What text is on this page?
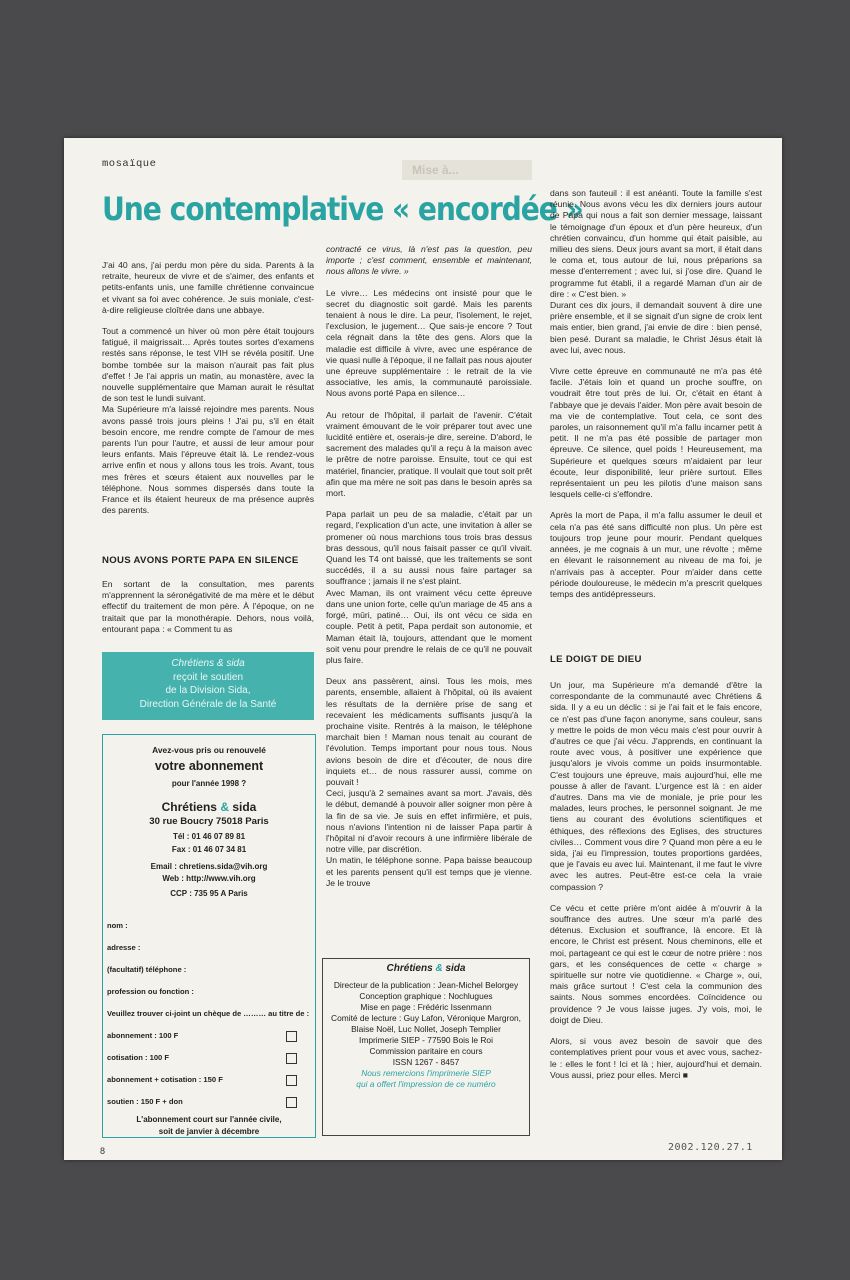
Mise à...
mosaïque
Une contemplative « encordée »

J'ai 40 ans, j'ai perdu mon père du sida. Parents à la retraite, heureux de vivre et de s'aimer, des enfants et petits-enfants unis, une famille chrétienne convaincue et vivant sa foi avec cohérence. Je suis moniale, c'est-à-dire religieuse cloîtrée dans une abbaye.

Tout a commencé un hiver où mon père était toujours fatigué, il maigrissait… Après toutes sortes d'examens restés sans réponse, le test VIH se révéla positif. Une bombe tombée sur la maison n'aurait pas fait plus d'effet ! Je l'ai appris un matin, au monastère, avec la nouvelle supplémentaire que Maman aurait le résultat de son test le lundi suivant.

Ma Supérieure m'a laissé rejoindre mes parents. Nous avons passé trois jours pleins ! J'ai pu, s'il en était besoin encore, me rendre compte de l'amour de mes parents l'un pour l'autre, et aussi de leur amour pour leurs enfants. Mais l'épreuve était là. Le rendez-vous arrive enfin et nous y allons tous les trois. Avant, tous mes frères et sœurs étaient aux nouvelles par le téléphone. Nous sommes dispersés dans toute la France et ils étaient heureux de ma présence auprès des parents.

NOUS AVONS PORTE PAPA EN SILENCE

En sortant de la consultation, mes parents m'apprennent la séronégativité de ma mère et le début effectif du traitement de mon père. À l'époque, on ne traitait que par la monothérapie. Dehors, nous voilà, entourant papa : « Comment tu as

Chrétiens & sida
reçoit le soutien
de la Division Sida,
Direction Générale de la Santé
Avez-vous pris ou renouvelé
votre abonnement
pour l'année 1998 ?
Chrétiens & sida
30 rue Boucry 75018 Paris
Tél : 01 46 07 89 81
Fax : 01 46 07 34 81
Email : chretiens.sida@vih.org
Web : http://www.vih.org
CCP : 735 95 A Paris
nom :
adresse :
(facultatif) téléphone :
profession ou fonction :
Veuillez trouver ci-joint un chèque de ……… au titre de :
abonnement : 100 F
cotisation : 100 F
abonnement + cotisation : 150 F
soutien : 150 F + don
L'abonnement court sur l'année civile,
soit de janvier à décembre

contracté ce virus, là n'est pas la question, peu importe ; c'est comment, ensemble et maintenant, nous allons le vivre. »

Le vivre… Les médecins ont insisté pour que le secret du diagnostic soit gardé. Mais les parents tenaient à nous le dire. La peur, l'isolement, le rejet, l'exclusion, le jugement… Que sais-je encore ? Tout cela régnait dans la tête des gens. Alors que la maladie est difficile à vivre, avec une espérance de vie quasi nulle à l'époque, il ne fallait pas nous ajouter une épreuve supplémentaire : le retrait de la vie associative, les amis, la communauté paroissiale. Nous avons porté Papa en silence…

Au retour de l'hôpital, il parlait de l'avenir. C'était vraiment émouvant de le voir préparer tout avec une lucidité entière et, oserais-je dire, sereine. D'abord, le sacrement des malades qu'il a reçu à la maison avec le prêtre de notre paroisse. Ensuite, tout ce qui est matériel, financier, pratique. Il voulait que tout soit prêt afin que ma mère ne soit pas dans le besoin après sa mort.

Papa parlait un peu de sa maladie, c'était par un regard, l'explication d'un acte, une invitation à aller se promener où nous marchions tous trois bras dessus bras dessous, qu'il nous faisait passer ce qu'il vivait. Quand les T4 ont baissé, que les traitements se sont succédés, il a su aussi nous faire partager sa souffrance ; jamais il ne s'est plaint.

Avec Maman, ils ont vraiment vécu cette épreuve dans une union forte, celle qu'un mariage de 45 ans a forgé, mûri, patiné… Oui, ils ont vécu ce sida en couple. Petit à petit, Papa perdait son autonomie, et Maman était là, toujours, attendant que le moment soit venu pour prendre le relais de ce qu'il ne pouvait plus faire.

Deux ans passèrent, ainsi. Tous les mois, mes parents, ensemble, allaient à l'hôpital, où ils avaient les résultats de la dernière prise de sang et recevaient les médicaments suffisants jusqu'à la prochaine visite. Rentrés à la maison, le téléphone marchait bien ! Maman nous tenait au courant de l'évolution. Temps important pour nous tous. Nous avions besoin de dire et d'écouter, de nous dire inquiets et… de nous rassurer aussi, comme on pouvait !

Ceci, jusqu'à 2 semaines avant sa mort. J'avais, dès le début, demandé à pouvoir aller soigner mon père à la fin de sa vie. Je suis en effet infirmière, et puis, nous n'avions l'intention ni de laisser Papa partir à l'hôpital ni d'avoir recours à une infirmière libérale de notre ville, par discrétion.

Un matin, le téléphone sonne. Papa baisse beaucoup et les parents pensent qu'il est temps que je vienne. Je le trouve

Chrétiens & sida
Directeur de la publication : Jean-Michel Belorgey
Conception graphique : Nochlugues
Mise en page : Frédéric Issenmann
Comité de lecture : Guy Lafon, Véronique Margron,
Blaise Noël, Luc Nollet, Joseph Templier
Imprimerie SIEP - 77590 Bois le Roi
Commission paritaire en cours
ISSN 1267 - 8457
Nous remercions l'imprimerie SIEP
qui a offert l'impression de ce numéro

dans son fauteuil : il est anéanti. Toute la famille s'est réunie. Nous avons vécu les dix derniers jours autour de Papa qui nous a fait son dernier message, laissant le témoignage d'un époux et d'un père heureux, d'un chrétien convaincu, d'un homme qui était paisible, au milieu des siens. Deux jours avant sa mort, il était dans le coma et, tous autour de lui, nous préparions sa messe d'enterrement ; avec lui, si j'ose dire. Quand le programme fut établi, il a regardé Maman d'un air de dire : « C'est bien. »

Durant ces dix jours, il demandait souvent à dire une prière ensemble, et il se signait d'un signe de croix lent mais entier, bien grand, j'ai envie de dire : bien pensé, bien pesé. Durant sa maladie, le Christ Jésus était là avec lui, avec nous.

Vivre cette épreuve en communauté ne m'a pas été facile. J'étais loin et quand un proche souffre, on voudrait être tout près de lui. Or, c'était en étant à l'abbaye que je devais l'aider. Mon père avait besoin de ma vie de contemplative. Tout cela, ce sont des paroles, un raisonnement qu'il m'a fallu incarner petit à petit. Il ne m'a pas été possible de partager mon épreuve. Ce silence, quel poids ! Heureusement, ma Supérieure et quelques sœurs m'aidaient par leur écoute, leur disponibilité, leur prière surtout. Elles représentaient un peu les pilotis d'une maison sans lesquels celle-ci s'effondre.

Après la mort de Papa, il m'a fallu assumer le deuil et cela n'a pas été sans difficulté non plus. Un père est toujours trop jeune pour mourir. Pendant quelques années, je me cognais à un mur, une révolte ; même en élevant le raisonnement au niveau de ma foi, je n'arrivais pas à accepter. Pour m'aider dans cette période douloureuse, le médecin m'a prescrit quelques temps des antidépresseurs.

LE DOIGT DE DIEU

Un jour, ma Supérieure m'a demandé d'être la correspondante de la communauté avec Chrétiens & sida. Il y a eu un déclic : si je l'ai fait et le fais encore, ce n'est pas d'une façon anonyme, sans couleur, sans y mettre le poids de mon vécu mais c'est pour ouvrir à d'autres ce que j'ai vécu. J'apprends, en continuant la route avec vous, à positiver une expérience que jusqu'alors je vivois comme un poids insurmontable. C'est toujours une épreuve, mais aujourd'hui, elle me pousse à aller de l'avant. L'urgence est là : en aider d'autres. Dans ma vie de moniale, je prie pour les malades, leurs proches, le personnel soignant. Je me tiens au courant des évolutions scientifiques et éthiques, des réflexions des Eglises, des structures civiles… Comment vous dire ? Quand mon père a eu le sida, j'ai eu l'impression, toutes proportions gardées, que je l'avais eu avec lui. Maintenant, il me faut le vivre avec les autres. Peut-être est-ce cela la vraie compassion ?

Ce vécu et cette prière m'ont aidée à m'ouvrir à la souffrance des autres. Une sœur m'a parlé des détenus. Exclusion et souffrance, là encore. Et là encore, le Christ est présent. Nous cheminons, elle et moi, partageant ce qui est le cœur de notre prière : nos gars, et les conséquences de cette « charge » spirituelle sur notre vie quotidienne. « Charge », oui, mais grâce surtout ! C'est cela la communion des saints. Nous sommes encordées. Coïncidence ou providence ? Je vous laisse juges. J'y vois, moi, le doigt de Dieu.

Alors, si vous avez besoin de savoir que des contemplatives prient pour vous et avec vous, sachez-le : elles le font ! Ici et là ; hier, aujourd'hui et demain. Vous aussi, priez pour elles. Merci ■

8	2002.120.27.1
